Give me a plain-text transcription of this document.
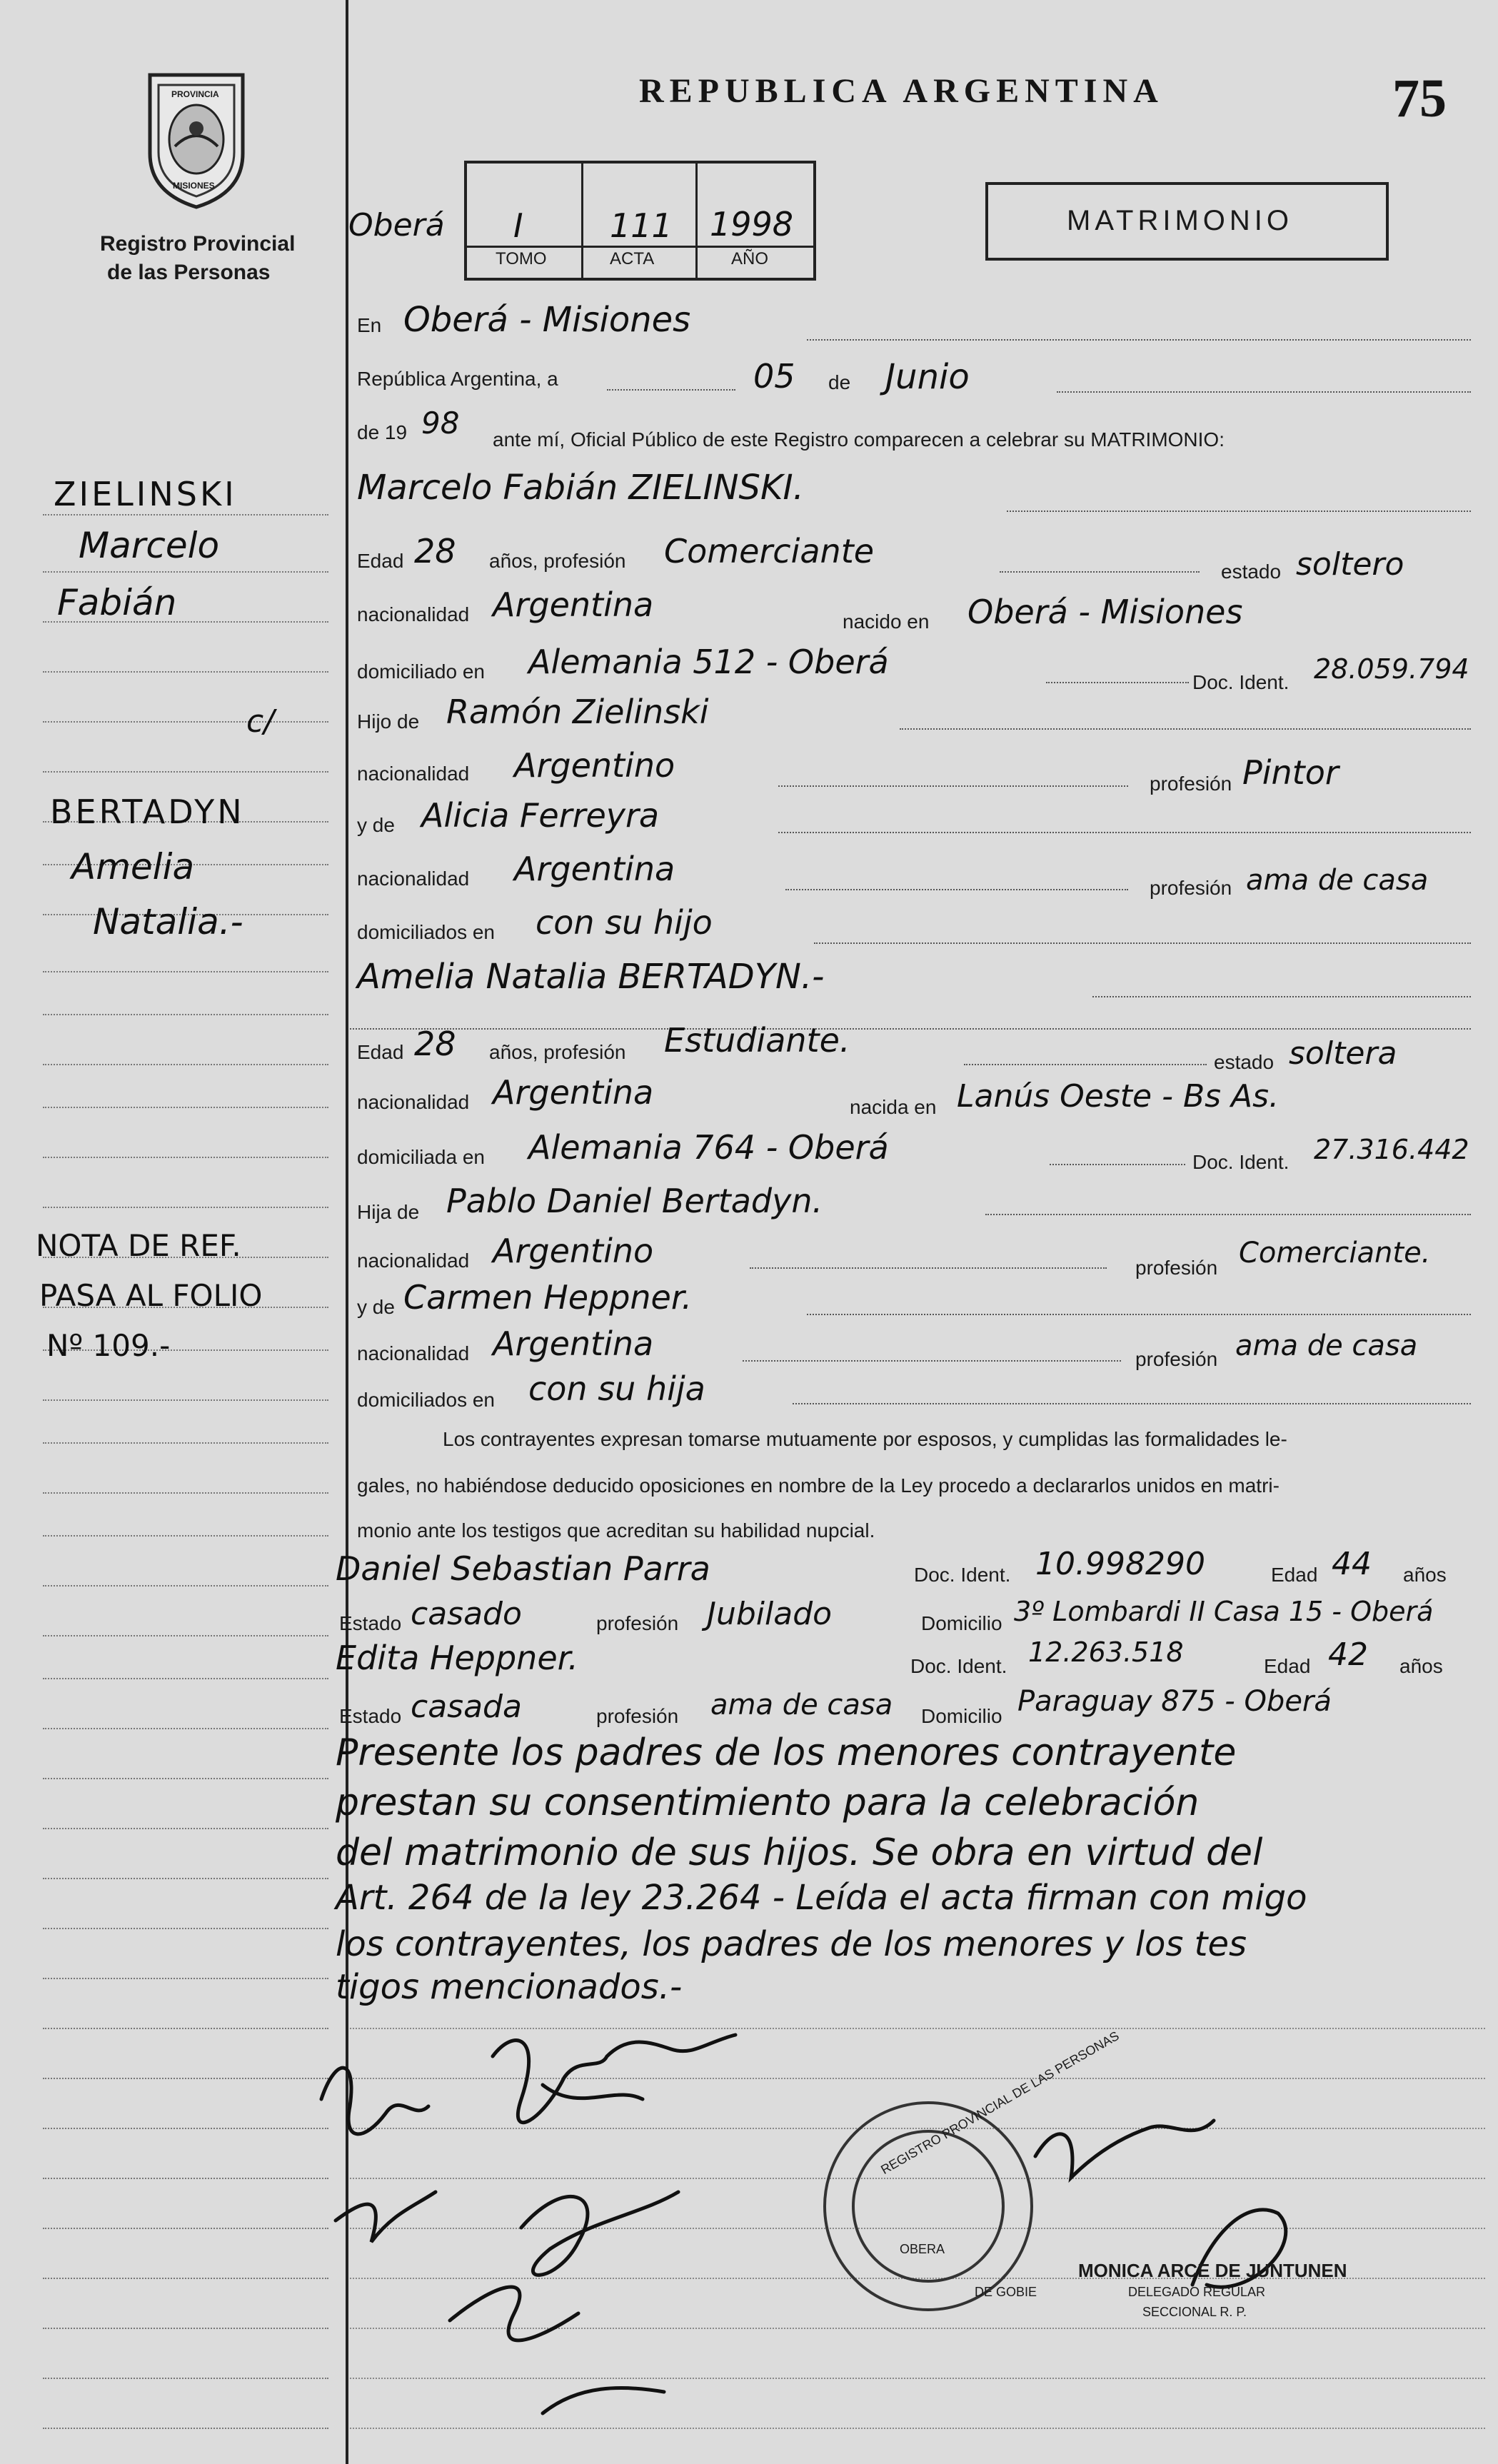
PROVINCIA
MISIONES
Registro Provincial
de las Personas
REPUBLICA ARGENTINA	75
Oberá I	111 1998
TOMO	ACTA	AÑO
MATRIMONIO
ZIELINSKI
Marcelo
Fabián
c/
BERTADYN
Amelia
Natalia.-
NOTA DE REF.
PASA AL FOLIO
Nº 109.-
En Oberá - Misiones
República Argentina, a	05 de Junio
de 19 98 ante mí, Oficial Público de este Registro comparecen a celebrar su MATRIMONIO:
Marcelo Fabián ZIELINSKI.
Edad 28 años, profesión Comerciante
estado soltero
nacionalidad Argentina	nacido en Oberá - Misiones
domiciliado en Alemania 512 - Oberá
Doc. Ident. 28.059.794
Hijo de Ramón Zielinski
nacionalidad Argentino	profesión Pintor
y de Alicia Ferreyra
nacionalidad Argentina	profesión ama de casa
domiciliados en con su hijo
Amelia Natalia BERTADYN.-
Edad 28 años, profesión Estudiante.
estado soltera
nacionalidad Argentina	nacida en Lanús Oeste - Bs As.
domiciliada en Alemania 764 - Oberá	Doc. Ident. 27.316.442
Hija de Pablo Daniel Bertadyn.
nacionalidad Argentino	profesión Comerciante.
y de Carmen Heppner.
nacionalidad Argentina	profesión ama de casa
domiciliados en con su hija
Los contrayentes expresan tomarse mutuamente por esposos, y cumplidas las formalidades le-
gales, no habiéndose deducido oposiciones en nombre de la Ley procedo a declararlos unidos en matri-
monio ante los testigos que acreditan su habilidad nupcial.
Daniel Sebastian Parra	Doc. Ident. 10.998290	Edad 44 años
Estado casado	profesión Jubilado	Domicilio 3º Lombardi II Casa 15 - Oberá
Edita Heppner.	Doc. Ident. 12.263.518	Edad 42 años
Estado casada	profesión ama de casa Domicilio Paraguay 875 - Oberá
Presente los padres de los menores contrayente
prestan su consentimiento para la celebración
del matrimonio de sus hijos. Se obra en virtud del
Art. 264 de la ley 23.264 - Leída el acta firman con migo
los contrayentes, los padres de los menores y los tes
tigos mencionados.-
REGISTRO PROVINCIAL DE LAS PERSONAS
OBERA
DE GOBIE
MONICA ARCE DE JUNTUNEN
DELEGADO REGULAR
SECCIONAL R. P.
